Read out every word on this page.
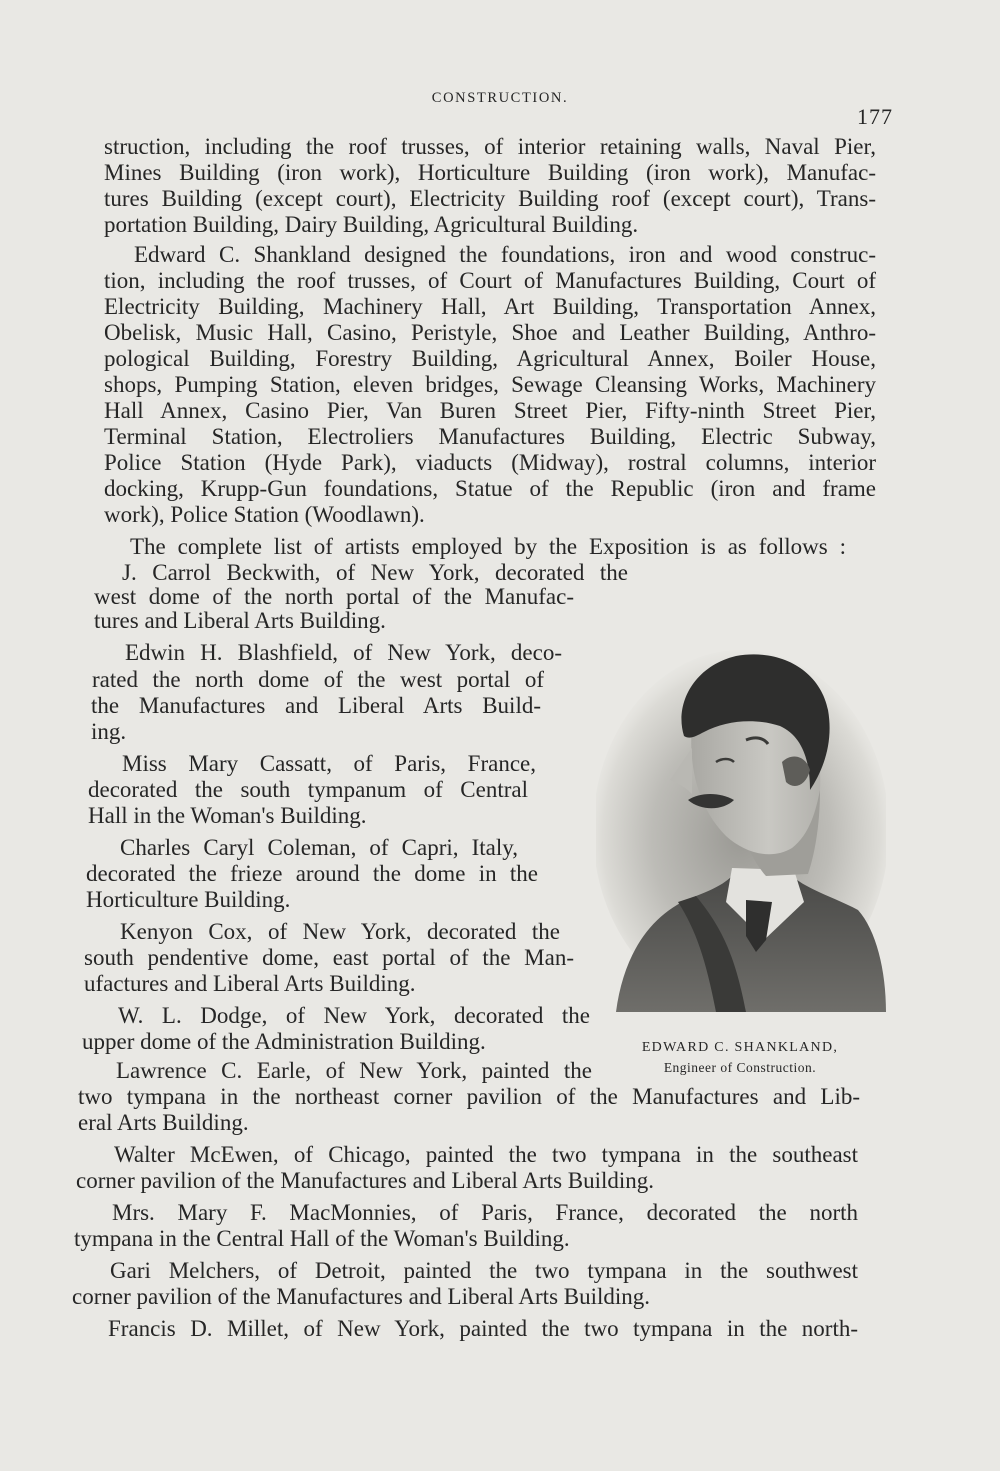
CONSTRUCTION.
177
struction, including the roof trusses, of interior retaining walls, Naval Pier,
Mines Building (iron work), Horticulture Building (iron work), Manufac-
tures Building (except court), Electricity Building roof (except court), Trans-
portation Building, Dairy Building, Agricultural Building.
Edward C. Shankland designed the foundations, iron and wood construc-
tion, including the roof trusses, of Court of Manufactures Building, Court of
Electricity Building, Machinery Hall, Art Building, Transportation Annex,
Obelisk, Music Hall, Casino, Peristyle, Shoe and Leather Building, Anthro-
pological Building, Forestry Building, Agricultural Annex, Boiler House,
shops, Pumping Station, eleven bridges, Sewage Cleansing Works, Machinery
Hall Annex, Casino Pier, Van Buren Street Pier, Fifty-ninth Street Pier,
Terminal Station, Electroliers Manufactures Building, Electric Subway,
Police Station (Hyde Park), viaducts (Midway), rostral columns, interior
docking, Krupp-Gun foundations, Statue of the Republic (iron and frame
work), Police Station (Woodlawn).
The complete list of artists employed by the Exposition is as follows :
J. Carrol Beckwith, of New York, decorated the
west dome of the north portal of the Manufac-
tures and Liberal Arts Building.
Edwin H. Blashfield, of New York, deco-
rated the north dome of the west portal of
the Manufactures and Liberal Arts Build-
ing.
Miss Mary Cassatt, of Paris, France,
decorated the south tympanum of Central
Hall in the Woman's Building.
Charles Caryl Coleman, of Capri, Italy,
decorated the frieze around the dome in the
Horticulture Building.
Kenyon Cox, of New York, decorated the
south pendentive dome, east portal of the Man-
ufactures and Liberal Arts Building.
W. L. Dodge, of New York, decorated the
upper dome of the Administration Building.
Lawrence C. Earle, of New York, painted the
two tympana in the northeast corner pavilion of the Manufactures and Lib-
eral Arts Building.
Walter McEwen, of Chicago, painted the two tympana in the southeast
corner pavilion of the Manufactures and Liberal Arts Building.
Mrs. Mary F. MacMonnies, of Paris, France, decorated the north
tympana in the Central Hall of the Woman's Building.
Gari Melchers, of Detroit, painted the two tympana in the southwest
corner pavilion of the Manufactures and Liberal Arts Building.
Francis D. Millet, of New York, painted the two tympana in the north-
EDWARD C. SHANKLAND,
Engineer of Construction.
